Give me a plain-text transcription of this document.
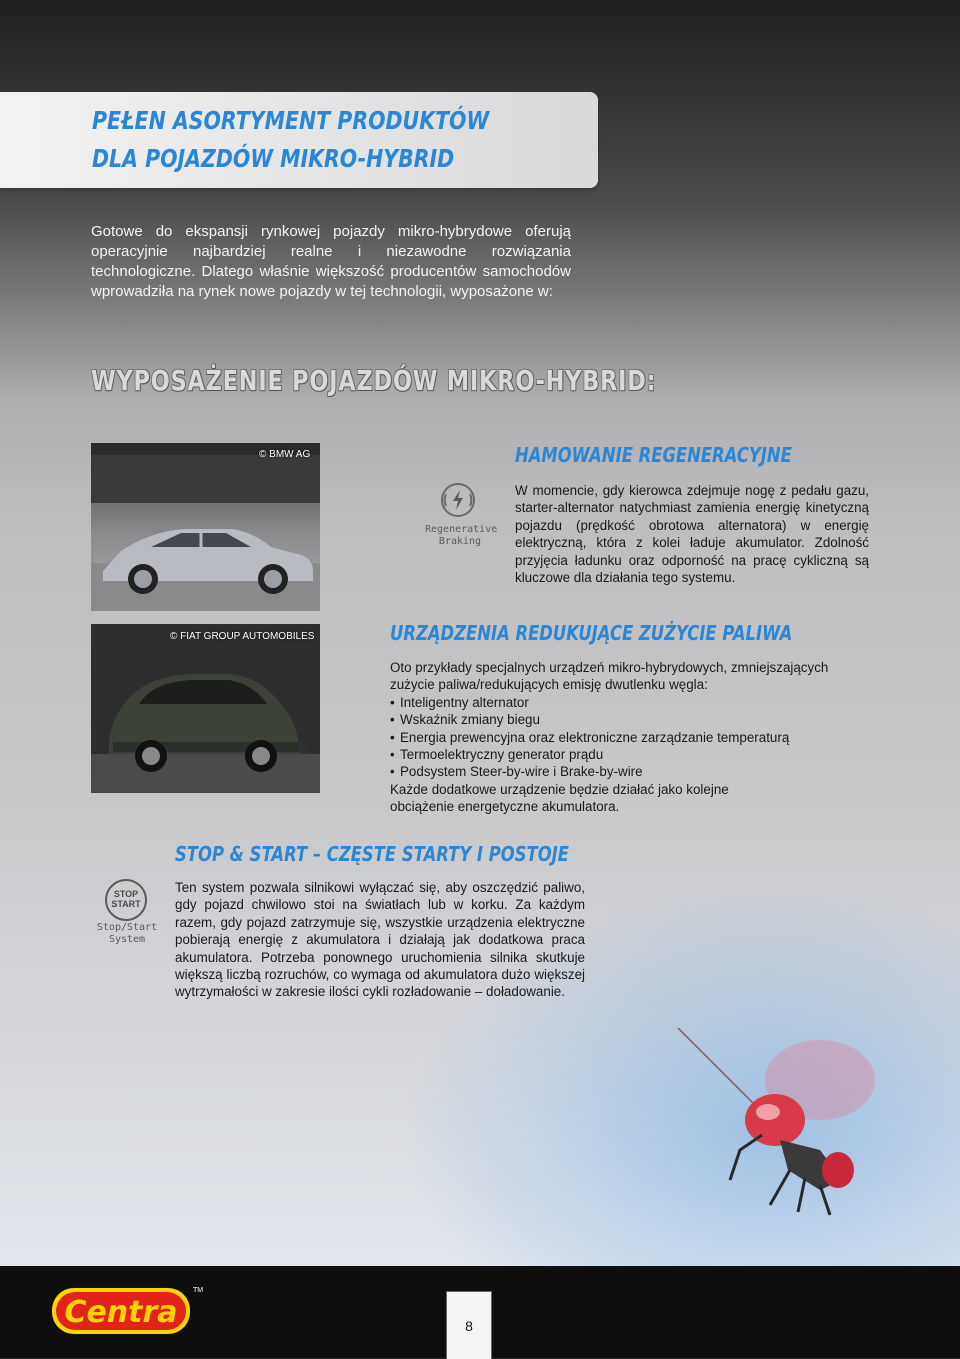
PEŁEN ASORTYMENT PRODUKTÓW
DLA POJAZDÓW MIKRO-HYBRID

Gotowe do ekspansji rynkowej pojazdy mikro-hybrydowe oferują operacyjnie najbardziej realne i niezawodne rozwiązania technologiczne. Dlatego właśnie większość producentów samochodów wprowadziła na rynek nowe pojazdy w tej technologii, wyposażone w:

WYPOSAŻENIE POJAZDÓW MIKRO-HYBRID:
© BMW AG
Regenerative
Braking
HAMOWANIE REGENERACYJNE

W momencie, gdy kierowca zdejmuje nogę z pedału gazu, starter-alternator natychmiast zamienia energię kinetyczną pojazdu (prędkość obrotowa alternatora) w energię elektryczną, która z kolei ładuje akumulator. Zdolność przyjęcia ładunku oraz odporność na pracę cykliczną są kluczowe dla działania tego systemu.

© FIAT GROUP AUTOMOBILES	URZĄDZENIA REDUKUJĄCE ZUŻYCIE PALIWA
Oto przykłady specjalnych urządzeń mikro-hybrydowych, zmniejszających zużycie paliwa/redukujących emisję dwutlenku węgla:
• Inteligentny alternator
• Wskaźnik zmiany biegu
• Energia prewencyjna oraz elektroniczne zarządzanie temperaturą
• Termoelektryczny generator prądu
• Podsystem Steer-by-wire i Brake-by-wire
Każde dodatkowe urządzenie będzie działać jako kolejne obciążenie energetyczne akumulatora.
STOP & START – CZĘSTE STARTY I POSTOJE
STOP
START
Stop/Start
System

Ten system pozwala silnikowi wyłączać się, aby oszczędzić paliwo, gdy pojazd chwilowo stoi na światłach lub w korku. Za każdym razem, gdy pojazd zatrzymuje się, wszystkie urządzenia elektryczne pobierają energię z akumulatora i działają jak dodatkowa praca akumulatora. Potrzeba ponownego uruchomienia silnika skutkuje większą liczbą rozruchów, co wymaga od akumulatora dużo większej wytrzymałości w zakresie ilości cykli rozładowanie – doładowanie.

Centra
TM
8
